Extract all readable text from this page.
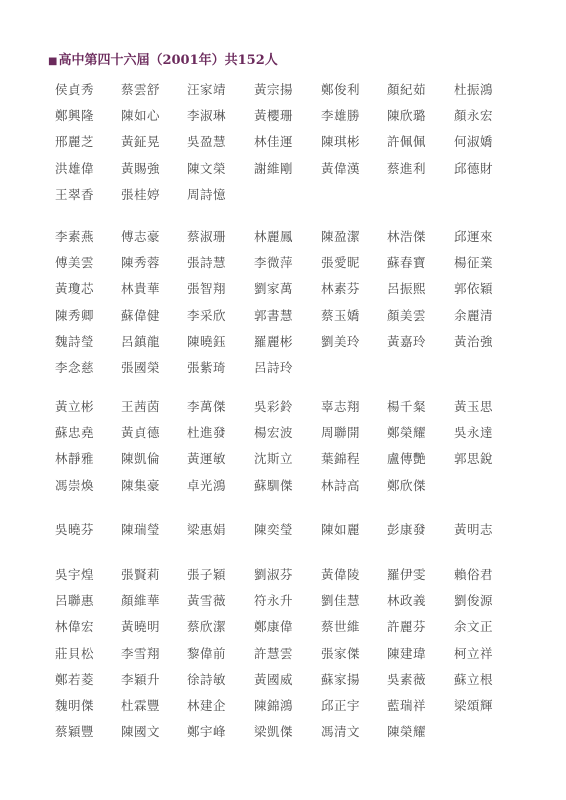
■高中第四十六屆（2001年）共152人
侯貞秀 蔡雲舒 汪家靖 黃宗揚 鄭俊利 顏紀茹 杜振鴻
鄭興隆 陳如心 李淑琳 黃櫻珊 李雄勝 陳欣璐 顏永宏
邢麗芝 黃鉦晃 吳盈慧 林佳運 陳琪彬 許佩佩 何淑嬌
洪雄偉 黃賜強 陳文榮 謝維剛 黃偉漢 蔡進利 邱德財
王翠香 張桂婷 周詩憶
李素燕 傅志豪 蔡淑珊 林麗鳳 陳盈潔 林浩傑 邱運來
傅美雲 陳秀蓉 張詩慧 李微萍 張愛昵 蘇春寶 楊征業
黃瓊芯 林貴華 張智翔 劉家萬 林素芬 呂振熙 郭依穎
陳秀卿 蘇偉健 李采欣 郭書慧 蔡玉嬌 顏美雲 余麗清
魏詩瑩 呂鎮龍 陳曉鈺 羅麗彬 劉美玲 黃嘉玲 黃治強
李念慈 張國榮 張紫琦 呂詩玲
黃立彬 王茜茵 李萬傑 吳彩鈴 辜志翔 楊千粲 黃玉思
蘇忠堯 黃貞德 杜進發 楊宏波 周聯開 鄭榮耀 吳永達
林靜雅 陳凱倫 黃運敏 沈斯立 葉錦程 盧傳艷 郭思銳
馮崇煥 陳集豪 卓光鴻 蘇馴傑 林詩高 鄭欣傑
吳曉芬 陳瑞瑩 梁惠娟 陳奕瑩 陳如麗 彭康發 黃明志
吳宇煌 張賢莉 張子穎 劉淑芬 黃偉陵 羅伊雯 賴俗君
呂聯惠 顏維華 黃雪薇 符永升 劉佳慧 林政義 劉俊源
林偉宏 黃曉明 蔡欣潔 鄭康偉 蔡世維 許麗芬 余文正
莊貝松 李雪翔 黎偉前 許慧雲 張家傑 陳建瑋 柯立祥
鄭若菱 李穎升 徐詩敏 黃國威 蘇家揚 吳素薇 蘇立根
魏明傑 杜霖豐 林建企 陳錦鴻 邱正宇 藍瑞祥 梁頌輝
蔡穎豐 陳國文 鄭宇峰 梁凱傑 馮清文 陳榮耀
